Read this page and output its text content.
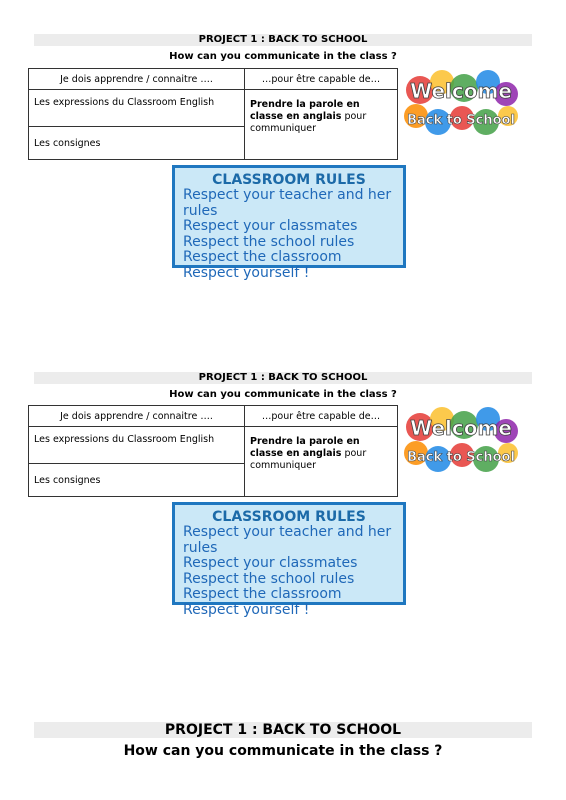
PROJECT 1 : BACK TO SCHOOL
How can you communicate in the class ?
Je dois apprendre / connaitre ….	…pour être capable de…
Les expressions du Classroom English	Prendre la parole en classe en anglais pour communiquer
Les consignes	
Welcome
Back to School
CLASSROOM RULES
Respect your teacher and her rules
Respect your classmates
Respect the school rules
Respect the classroom
Respect yourself !
PROJECT 1 : BACK TO SCHOOL
How can you communicate in the class ?
Je dois apprendre / connaitre ….	…pour être capable de…
Les expressions du Classroom English	Prendre la parole en classe en anglais pour communiquer
Les consignes	
Welcome
Back to School
CLASSROOM RULES
Respect your teacher and her rules
Respect your classmates
Respect the school rules
Respect the classroom
Respect yourself !
PROJECT 1 : BACK TO SCHOOL
How can you communicate in the class ?
